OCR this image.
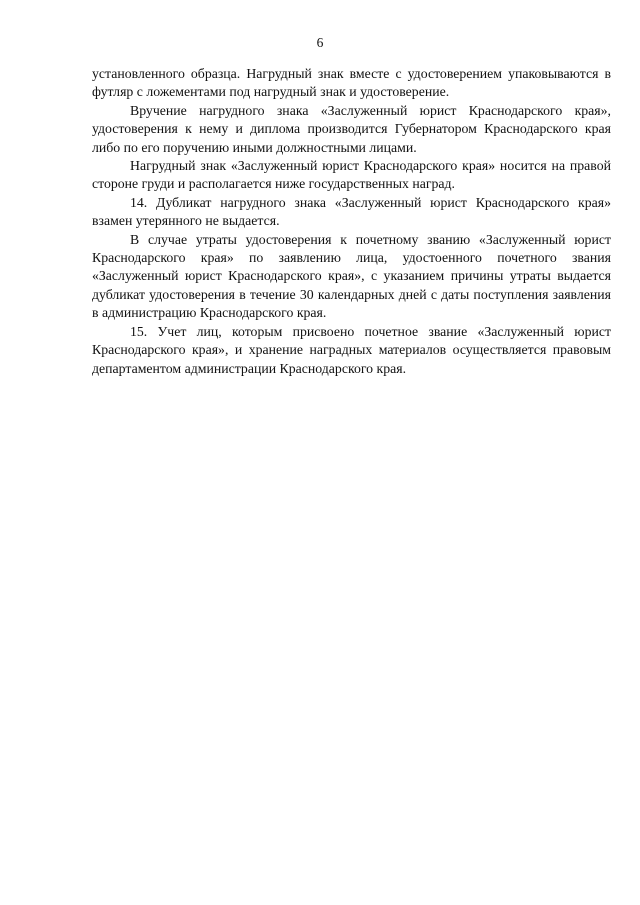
6

установленного образца. Нагрудный знак вместе с удостоверением упаковываются в футляр с ложементами под нагрудный знак и удостоверение.

Вручение нагрудного знака «Заслуженный юрист Краснодарского края», удостоверения к нему и диплома производится Губернатором Краснодарского края либо по его поручению иными должностными лицами.

Нагрудный знак «Заслуженный юрист Краснодарского края» носится на правой стороне груди и располагается ниже государственных наград.

14. Дубликат нагрудного знака «Заслуженный юрист Краснодарского края» взамен утерянного не выдается.

В случае утраты удостоверения к почетному званию «Заслуженный юрист Краснодарского края» по заявлению лица, удостоенного почетного звания «Заслуженный юрист Краснодарского края», с указанием причины утраты выдается дубликат удостоверения в течение 30 календарных дней с даты поступления заявления в администрацию Краснодарского края.

15. Учет лиц, которым присвоено почетное звание «Заслуженный юрист Краснодарского края», и хранение наградных материалов осуществляется правовым департаментом администрации Краснодарского края.
